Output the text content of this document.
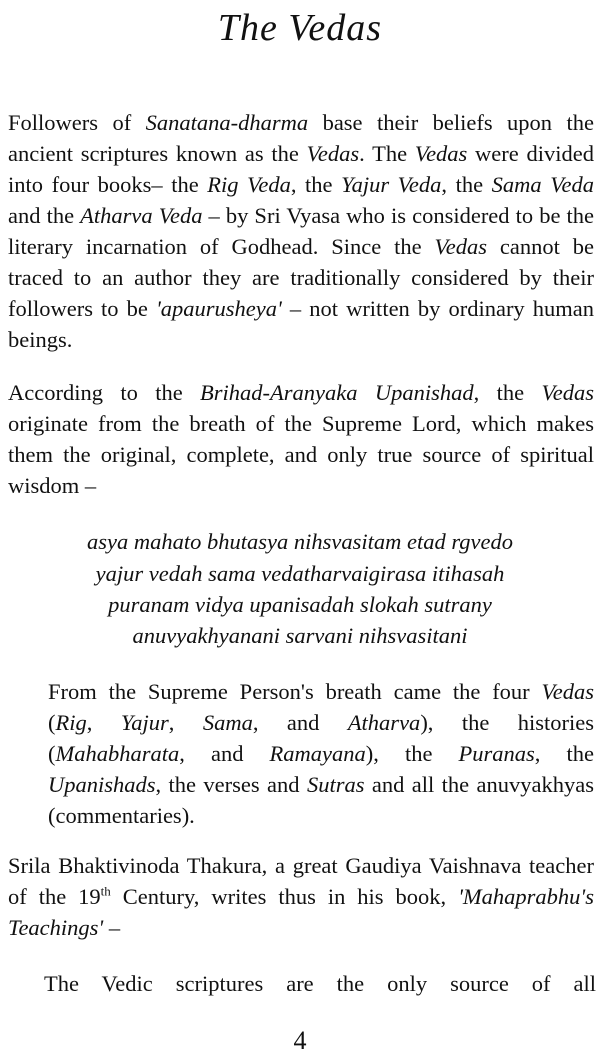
The Vedas

Followers of Sanatana-dharma base their beliefs upon the ancient scriptures known as the Vedas. The Vedas were divided into four books– the Rig Veda, the Yajur Veda, the Sama Veda and the Atharva Veda – by Sri Vyasa who is considered to be the literary incarnation of Godhead. Since the Vedas cannot be traced to an author they are traditionally considered by their followers to be 'apaurusheya' – not written by ordinary human beings.

According to the Brihad-Aranyaka Upanishad, the Vedas originate from the breath of the Supreme Lord, which makes them the original, complete, and only true source of spiritual wisdom –

asya mahato bhutasya nihsvasitam etad rgvedo

yajur vedah sama vedatharvaigirasa itihasah

puranam vidya upanisadah slokah sutrany

anuvyakhyanani sarvani nihsvasitani

From the Supreme Person's breath came the four Vedas (Rig, Yajur, Sama, and Atharva), the histories (Mahabharata, and Ramayana), the Puranas, the Upanishads, the verses and Sutras and all the anuvyakhyas (commentaries).

Srila Bhaktivinoda Thakura, a great Gaudiya Vaishnava teacher of the 19th Century, writes thus in his book, 'Mahaprabhu's Teachings' –

The Vedic scriptures are the only source of all

4
